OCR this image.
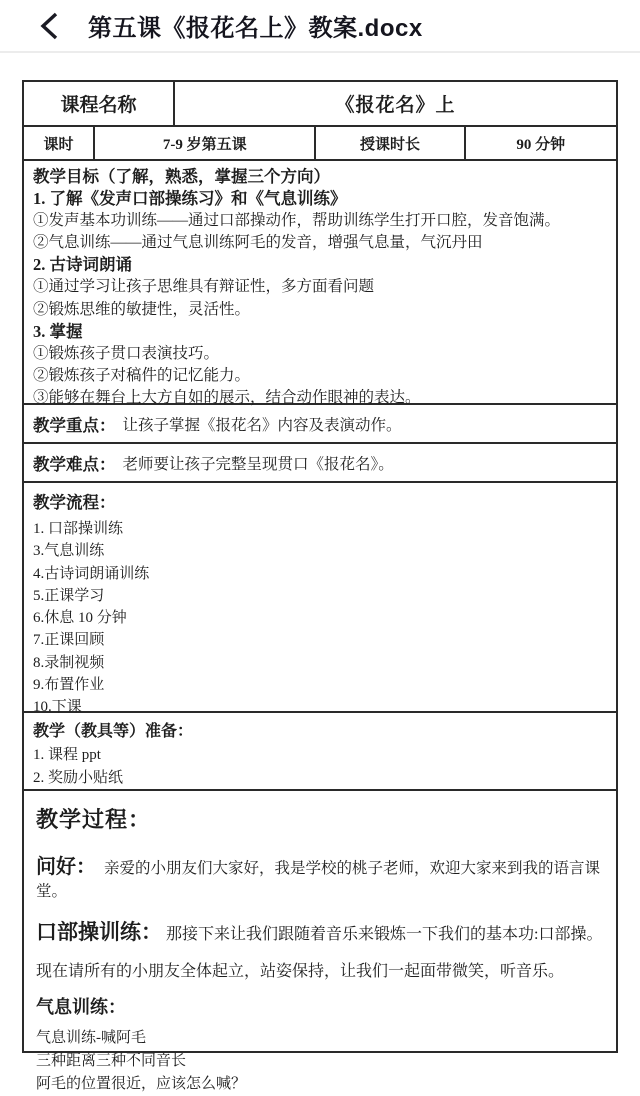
第五课《报花名上》教案.docx
课程名称	《报花名》上
课时	7-9 岁第五课	授课时长	90 分钟
教学目标（了解，熟悉，掌握三个方向）
1. 了解《发声口部操练习》和《气息训练》
①发声基本功训练——通过口部操动作，帮助训练学生打开口腔，发音饱满。
②气息训练——通过气息训练阿毛的发音，增强气息量，气沉丹田
2. 古诗词朗诵
①通过学习让孩子思维具有辩证性，多方面看问题
②锻炼思维的敏捷性，灵活性。
3. 掌握
①锻炼孩子贯口表演技巧。
②锻炼孩子对稿件的记忆能力。
③能够在舞台上大方自如的展示，结合动作眼神的表达。
教学重点： 让孩子掌握《报花名》内容及表演动作。
教学难点： 老师要让孩子完整呈现贯口《报花名》。
教学流程：
1. 口部操训练
3.气息训练
4.古诗词朗诵训练
5.正课学习
6.休息 10 分钟
7.正课回顾
8.录制视频
9.布置作业
10.下课
教学（教具等）准备：
1. 课程 ppt
2. 奖励小贴纸
教学过程：
问好： 亲爱的小朋友们大家好，我是学校的桃子老师，欢迎大家来到我的语言课堂。
口部操训练： 那接下来让我们跟随着音乐来锻炼一下我们的基本功:口部操。现在请所有的小朋友全体起立，站姿保持，让我们一起面带微笑，听音乐。
气息训练：
气息训练-喊阿毛
三种距离三种不同音长
阿毛的位置很近，应该怎么喊？
